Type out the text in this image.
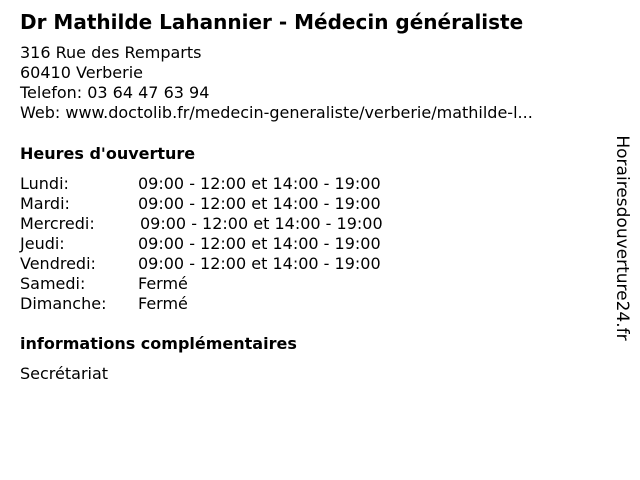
Dr Mathilde Lahannier - Médecin généraliste
316 Rue des Remparts
60410 Verberie
Telefon: 03 64 47 63 94
Web: www.doctolib.fr/medecin-generaliste/verberie/mathilde-l...
Heures d'ouverture
Lundi:	09:00 - 12:00 et 14:00 - 19:00
Mardi:	09:00 - 12:00 et 14:00 - 19:00
Mercredi:	09:00 - 12:00 et 14:00 - 19:00
Jeudi:	09:00 - 12:00 et 14:00 - 19:00
Vendredi:	09:00 - 12:00 et 14:00 - 19:00
Samedi:	Fermé
Dimanche: Fermé
informations complémentaires
Secrétariat
Horairesdouverture24.fr
